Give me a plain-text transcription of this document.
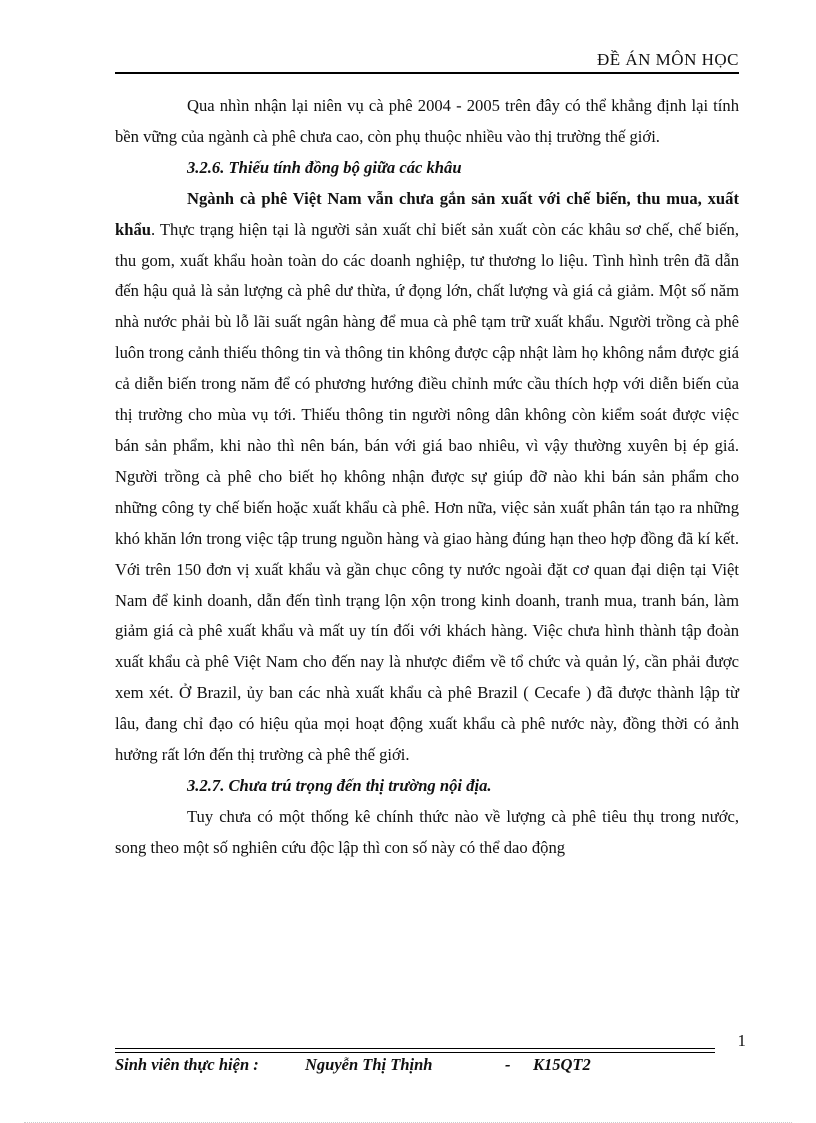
ĐỀ ÁN MÔN HỌC

Qua nhìn nhận lại niên vụ cà phê 2004 - 2005 trên đây có thể khẳng định lại tính bền vững của ngành cà phê chưa cao, còn phụ thuộc nhiều vào thị trường thế giới.

3.2.6. Thiếu tính đồng bộ giữa các khâu

Ngành cà phê Việt Nam vẫn chưa gắn sản xuất với chế biến, thu mua, xuất khẩu. Thực trạng hiện tại là người sản xuất chỉ biết sản xuất còn các khâu sơ chế, chế biến, thu gom, xuất khẩu hoàn toàn do các doanh nghiệp, tư thương lo liệu. Tình hình trên đã dẫn đến hậu quả là sản lượng cà phê dư thừa, ứ đọng lớn, chất lượng và giá cả giảm. Một số năm nhà nước phải bù lỗ lãi suất ngân hàng để mua cà phê tạm trữ xuất khẩu. Người trồng cà phê luôn trong cảnh thiếu thông tin và thông tin không được cập nhật làm họ không nắm được giá cả diễn biến trong năm để có phương hướng điều chỉnh mức cầu thích hợp với diễn biến của thị trường cho mùa vụ tới. Thiếu thông tin người nông dân không còn kiểm soát được việc bán sản phẩm, khi nào thì nên bán, bán với giá bao nhiêu, vì vậy thường xuyên bị ép giá. Người trồng cà phê cho biết họ không nhận được sự giúp đỡ nào khi bán sản phẩm cho những công ty chế biến hoặc xuất khẩu cà phê. Hơn nữa, việc sản xuất phân tán tạo ra những khó khăn lớn trong việc tập trung nguồn hàng và giao hàng đúng hạn theo hợp đồng đã kí kết. Với trên 150 đơn vị xuất khẩu và gần chục công ty nước ngoài đặt cơ quan đại diện tại Việt Nam để kinh doanh, dẫn đến tình trạng lộn xộn trong kinh doanh, tranh mua, tranh bán, làm giảm giá cà phê xuất khẩu và mất uy tín đối với khách hàng. Việc chưa hình thành tập đoàn xuất khẩu cà phê Việt Nam cho đến nay là nhược điểm về tổ chức và quản lý, cần phải được xem xét. Ở Brazil, ủy ban các nhà xuất khẩu cà phê Brazil ( Cecafe ) đã được thành lập từ lâu, đang chỉ đạo có hiệu qủa mọi hoạt động xuất khẩu cà phê nước này, đồng thời có ảnh hưởng rất lớn đến thị trường cà phê thế giới.

3.2.7. Chưa trú trọng đến thị trường nội địa.

Tuy chưa có một thống kê chính thức nào về lượng cà phê tiêu thụ trong nước, song theo một số nghiên cứu độc lập thì con số này có thể dao động

1
Sinh viên thực hiện :	Nguyễn Thị Thịnh	- K15QT2
